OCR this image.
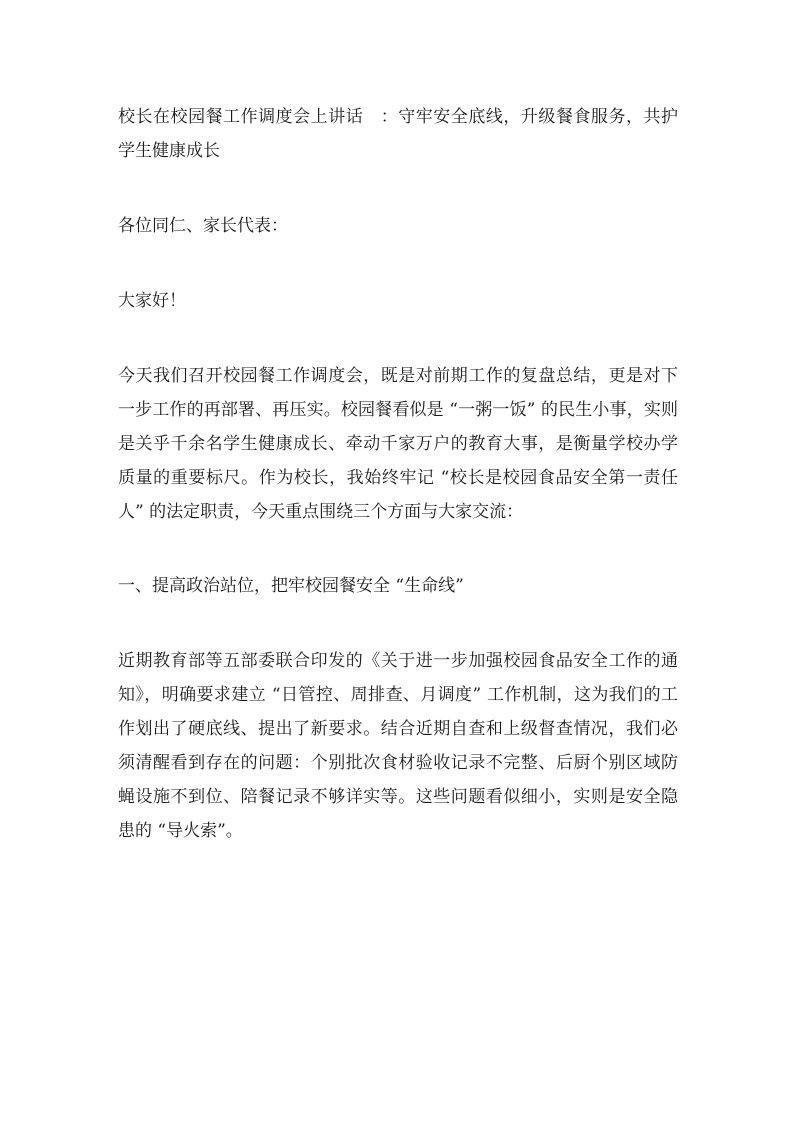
校长在校园餐工作调度会上讲话　：守牢安全底线，升级餐食服务，共护学生健康成长

各位同仁、家长代表：

大家好！

今天我们召开校园餐工作调度会，既是对前期工作的复盘总结，更是对下一步工作的再部署、再压实。校园餐看似是 “一粥一饭” 的民生小事，实则是关乎千余名学生健康成长、牵动千家万户的教育大事，是衡量学校办学质量的重要标尺。作为校长，我始终牢记 “校长是校园食品安全第一责任人” 的法定职责，今天重点围绕三个方面与大家交流：

一、提高政治站位，把牢校园餐安全 “生命线”

近期教育部等五部委联合印发的《关于进一步加强校园食品安全工作的通知》，明确要求建立 “日管控、周排查、月调度” 工作机制，这为我们的工作划出了硬底线、提出了新要求。结合近期自查和上级督查情况，我们必须清醒看到存在的问题：个别批次食材验收记录不完整、后厨个别区域防蝇设施不到位、陪餐记录不够详实等。这些问题看似细小，实则是安全隐患的 “导火索”。
